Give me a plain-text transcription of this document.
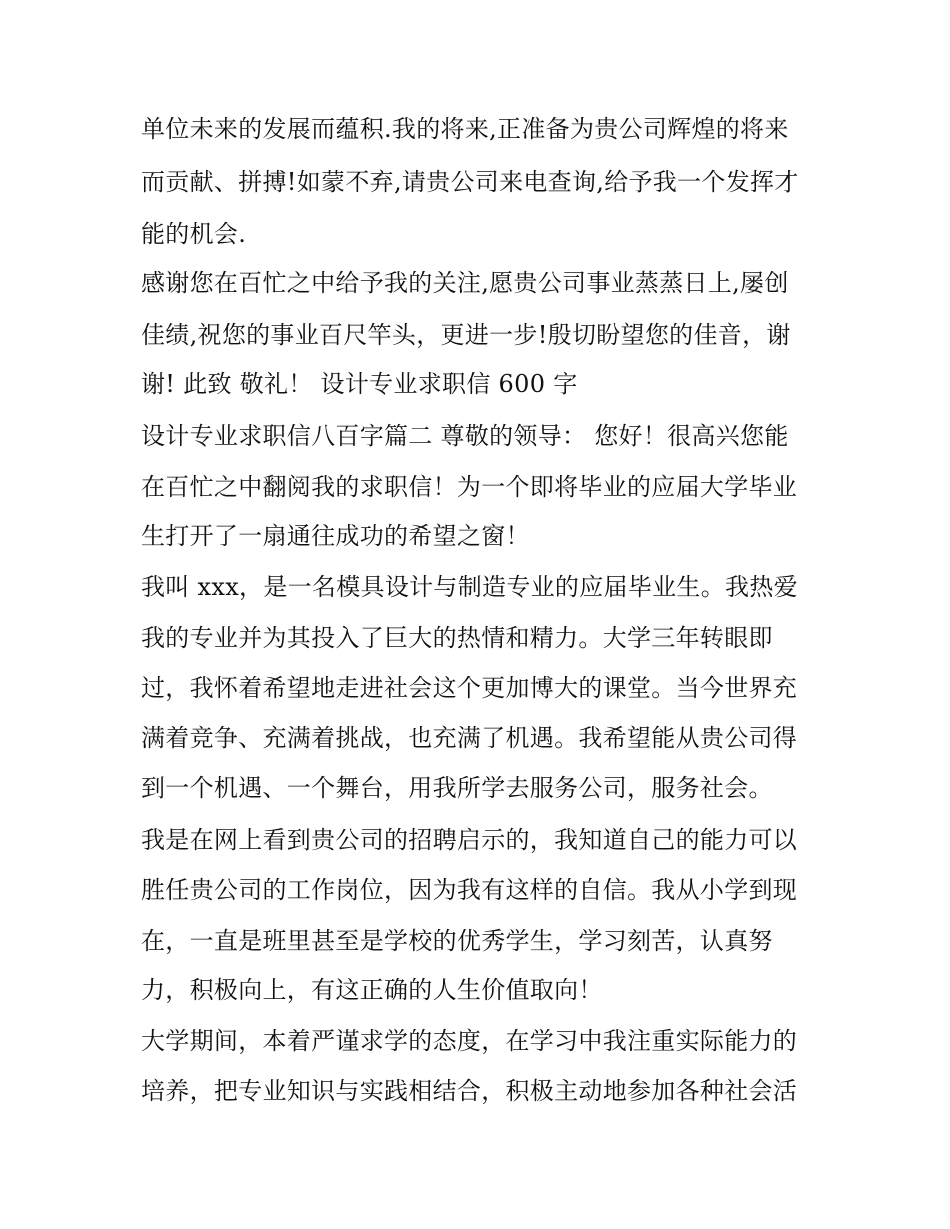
单位未来的发展而蕴积.我的将来,正准备为贵公司辉煌的将来
而贡献、拼搏!如蒙不弃,请贵公司来电查询,给予我一个发挥才
能的机会.
感谢您在百忙之中给予我的关注,愿贵公司事业蒸蒸日上,屡创
佳绩,祝您的事业百尺竿头，更进一步!殷切盼望您的佳音，谢
谢! 此致 敬礼！ 设计专业求职信 600 字
设计专业求职信八百字篇二 尊敬的领导： 您好！很高兴您能
在百忙之中翻阅我的求职信！为一个即将毕业的应届大学毕业
生打开了一扇通往成功的希望之窗！
我叫 xxx，是一名模具设计与制造专业的应届毕业生。我热爱
我的专业并为其投入了巨大的热情和精力。大学三年转眼即
过，我怀着希望地走进社会这个更加博大的课堂。当今世界充
满着竞争、充满着挑战，也充满了机遇。我希望能从贵公司得
到一个机遇、一个舞台，用我所学去服务公司，服务社会。
我是在网上看到贵公司的招聘启示的，我知道自己的能力可以
胜任贵公司的工作岗位，因为我有这样的自信。我从小学到现
在，一直是班里甚至是学校的优秀学生，学习刻苦，认真努
力，积极向上，有这正确的人生价值取向！
大学期间，本着严谨求学的态度，在学习中我注重实际能力的
培养，把专业知识与实践相结合，积极主动地参加各种社会活
